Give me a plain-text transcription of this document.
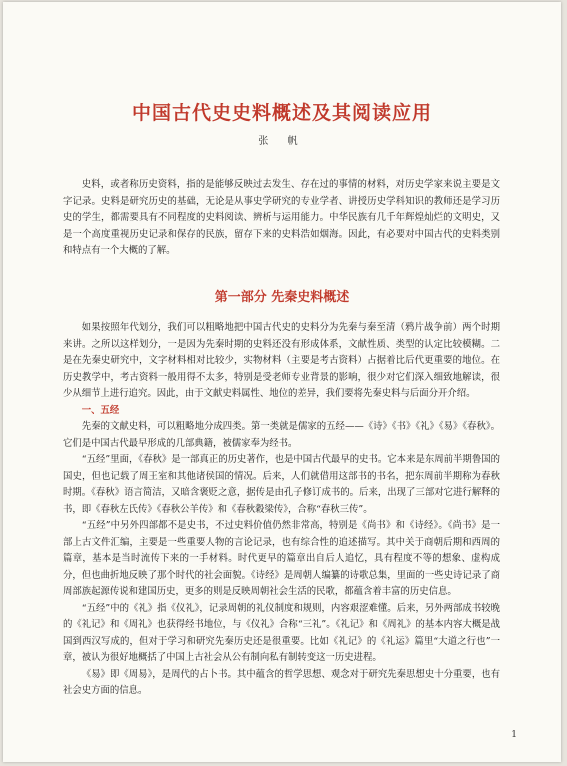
中国古代史史料概述及其阅读应用
张 帆

史料，或者称历史资料，指的是能够反映过去发生、存在过的事情的材料，对历史学家来说主要是文字记录。史料是研究历史的基础，无论是从事史学研究的专业学者、讲授历史学科知识的教师还是学习历史的学生，都需要具有不同程度的史料阅读、辨析与运用能力。中华民族有几千年辉煌灿烂的文明史，又是一个高度重视历史记录和保存的民族，留存下来的史料浩如烟海。因此，有必要对中国古代的史料类别和特点有一个大概的了解。

第一部分 先秦史料概述

如果按照年代划分，我们可以粗略地把中国古代史的史料分为先秦与秦至清（鸦片战争前）两个时期来讲。之所以这样划分，一是因为先秦时期的史料还没有形成体系，文献性质、类型的认定比较模糊。二是在先秦史研究中，文字材料相对比较少，实物材料（主要是考古资料）占据着比后代更重要的地位。在历史教学中，考古资料一般用得不太多，特别是受老师专业背景的影响，很少对它们深入细致地解读，很少从细节上进行追究。因此，由于文献史料属性、地位的差异，我们要将先秦史料与后面分开介绍。

一、五经

先秦的文献史料，可以粗略地分成四类。第一类就是儒家的五经——《诗》《书》《礼》《易》《春秋》。它们是中国古代最早形成的几部典籍，被儒家奉为经书。

“五经”里面，《春秋》是一部真正的历史著作，也是中国古代最早的史书。它本来是东周前半期鲁国的国史，但也记载了周王室和其他诸侯国的情况。后来，人们就借用这部书的书名，把东周前半期称为春秋时期。《春秋》语言简洁，又暗含褒贬之意，据传是由孔子修订成书的。后来，出现了三部对它进行解释的书，即《春秋左氏传》《春秋公羊传》和《春秋穀梁传》，合称“春秋三传”。

“五经”中另外四部都不是史书，不过史料价值仍然非常高，特别是《尚书》和《诗经》。《尚书》是一部上古文件汇编，主要是一些重要人物的言论记录，也有综合性的追述描写。其中关于商朝后期和西周的篇章，基本是当时流传下来的一手材料。时代更早的篇章出自后人追忆，具有程度不等的想象、虚构成分，但也曲折地反映了那个时代的社会面貌。《诗经》是周朝人编纂的诗歌总集，里面的一些史诗记录了商周部族起源传说和建国历史，更多的则是反映周朝社会生活的民歌，都蕴含着丰富的历史信息。

“五经”中的《礼》指《仪礼》，记录周朝的礼仪制度和规则，内容艰涩难懂。后来，另外两部成书较晚的《礼记》和《周礼》也获得经书地位，与《仪礼》合称“三礼”。《礼记》和《周礼》的基本内容大概是战国到西汉写成的，但对于学习和研究先秦历史还是很重要。比如《礼记》的《礼运》篇里“大道之行也”一章，被认为很好地概括了中国上古社会从公有制向私有制转变这一历史进程。

《易》即《周易》，是周代的占卜书。其中蕴含的哲学思想、观念对于研究先秦思想史十分重要，也有社会史方面的信息。

1
